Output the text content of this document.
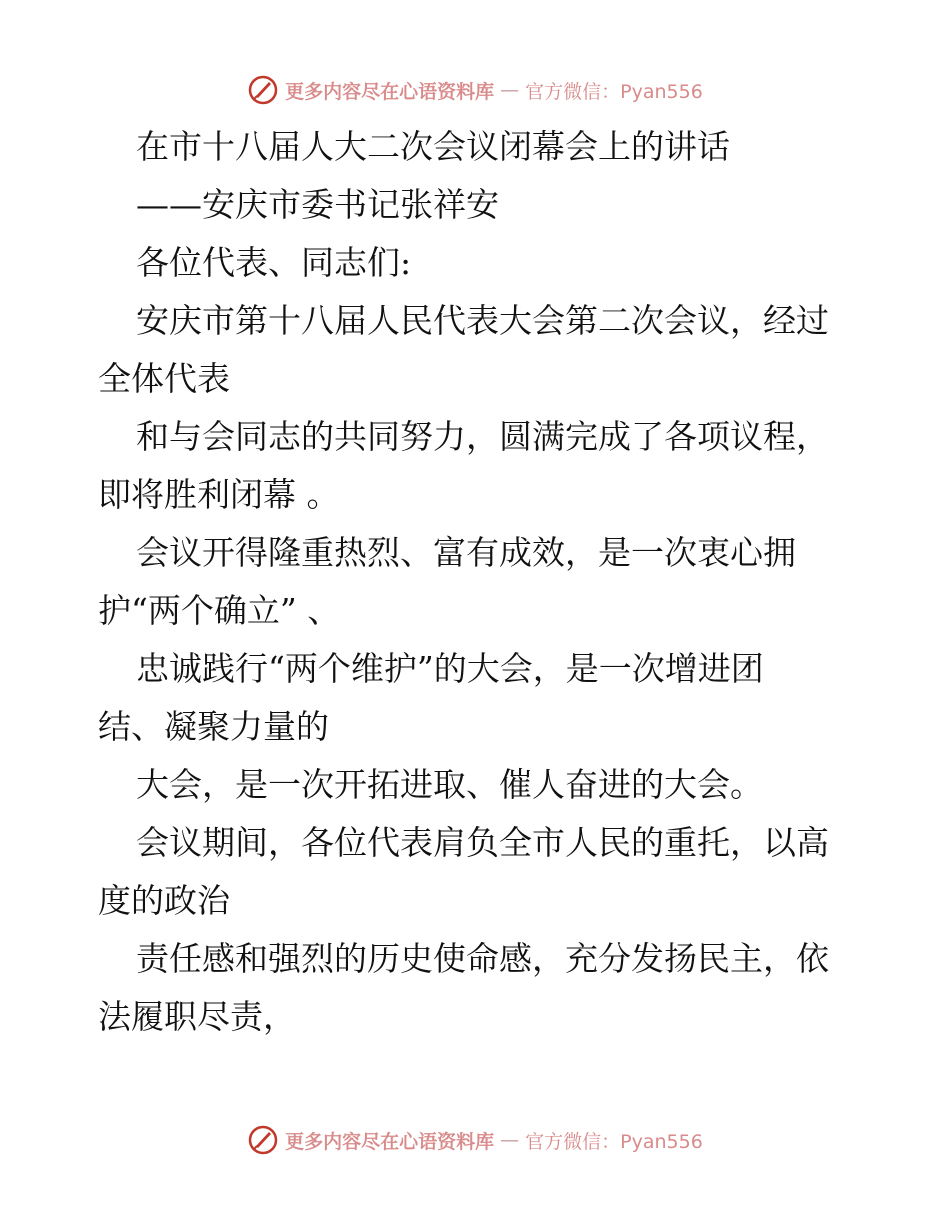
更多内容尽在心语资料库 — 官方微信：Pyan556
在市十八届人大二次会议闭幕会上的讲话
——安庆市委书记张祥安
各位代表、同志们:
安庆市第十八届人民代表大会第二次会议，经过
全体代表
和与会同志的共同努力，圆满完成了各项议程，
即将胜利闭幕 。
会议开得隆重热烈、富有成效，是一次衷心拥
护“两个确立” 、
忠诚践行“两个维护”的大会，是一次增进团
结、凝聚力量的
大会，是一次开拓进取、催人奋进的大会。
会议期间，各位代表肩负全市人民的重托，以高
度的政治
责任感和强烈的历史使命感，充分发扬民主，依
法履职尽责，
更多内容尽在心语资料库 — 官方微信：Pyan556
